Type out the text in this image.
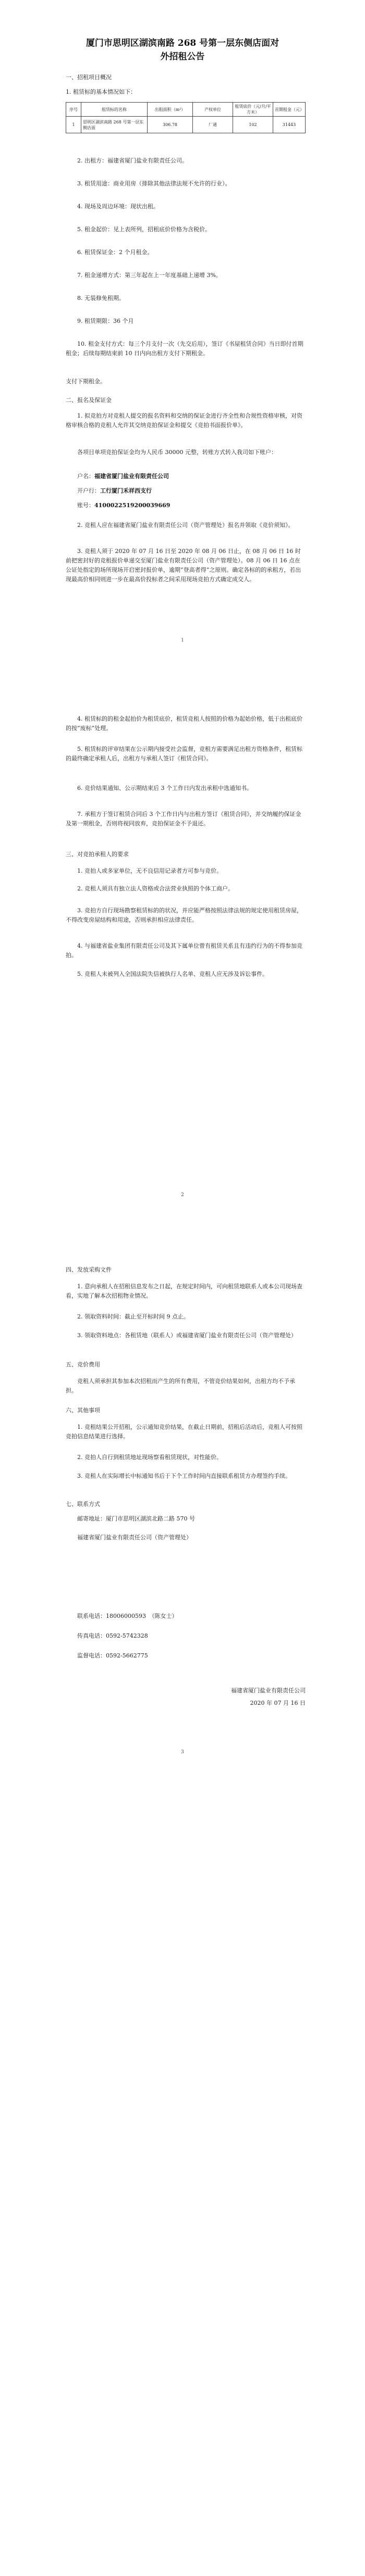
厦门市思明区湖滨南路 268 号第一层东侧店面对
外招租公告
一、招租项目概况
1. 租赁标的基本情况如下：
序号	租赁标的名称	出租面积（m²）	产权单位	租赁底价（元/月/平方米）	首期租金（元）
1	思明区湖滨南路 268 号第一层东侧店面	306.78	厂通	102	31443
2. 出租方：福建省厦门盐业有限责任公司。
3. 租赁用途：商业用房（排除其他法律法规不允许的行业）。
4. 现场及周边环境：现状出租。
5. 租金起价：见上表所列，招租底价价格为含税价。
6. 租赁保证金：2 个月租金。
7. 租金递增方式：第三年起在上一年度基础上递增 3%。
8. 无装修免租期。
9. 租赁期限：36 个月
10. 租金支付方式：每三个月支付一次（先交后用），签订《书屋租赁合同》当日即付首期租金；后续每期结束前 10 日内向出租方支付下期租金。
支付下期租金。
二、报名及保证金
1. 拟竞拍方对竞租人提交的报名资料和交纳的保证金进行齐全性和合规性资格审核，对资格审核合格的竞租人允许其交纳竞拍保证金和提交《竞拍书面报价单》。
各项目单项竞拍保证金均为人民币 30000 元整，转账方式转入我司如下账户：
户名：福建省厦门盐业有限责任公司
开户行：工行厦门禾祥西支行
账号：4100022519200039669
2. 竞租人应在福建省厦门盐业有限责任公司（资产管理处）报名并领取《竞价须知》。
3. 竞租人须于 2020 年 07 月 16 日至 2020 年 08 月 06 日止，在 08 月 06 日 16 时前把密封好的竞租报价单递交至厦门盐业有限责任公司（资产管理处）。08 月 06 日 16 点在公证处指定的场所现场开启密封报价单，逾期“登高者得”之原则。确定各标的的承租方，若出现最高价相同则进一步在最高价投标者之间采用现场竞拍方式确定成交人。
1
4. 租赁标的的租金起拍价为租赁底价，租赁竞租人按照的价格为起始价格，低于出租底价的按“废标”处理。
5. 租赁标的评审结果在公示期内接受社会监督，竞租方需要满足出租方资格条件，租赁标的最终确定承租人后，出租方与承租人签订《租赁合同》。
6. 竞价结果通知、公示期结束后 3 个工作日内发出承租中选通知书。
7. 承租方于签订租赁合同后 3 个工作日内与出租方签订《租赁合同》，并交纳履约保证金及第一期租金，否则将视同放弃，竞拍保证金不予退还。
三、对竞拍承租人的要求
1. 竞拍人或多家单位，无不良信用记录者方可参与竞价。
2. 竞租人须具有独立法人资格或合法营业执照的个体工商户。
3. 竞拍方自行现场勘察租赁标的的状况，并应能严格按照法律法规的规定使用租赁房屋，不得改变房屋结构和用途，否则承担相应法律责任。
4. 与福建省盐业集团有限责任公司及其下属单位曾有租赁关系且有违约行为的不得参加竞拍。
5. 竞租人未被列入全国法院失信被执行人名单、竞租人应无涉及诉讼事件。
2
四、发放采购文件
1. 意向承租人在招租信息发布之日起，在规定时间内，可向租赁地联系人或本公司现场查看，实地了解本次招租物业情况。
2. 领取资料时间：截止至开标时间 9 点止。
3. 领取资料地点：各租赁地（联系人）或福建省厦门盐业有限责任公司（资产管理处）
五、竞价费用
竞租人须承担其参加本次招租而产生的所有费用，不管竞价结果如何，出租方均不予承担。
六、其他事项
1. 竞租结果公开招租，公示通知竞价结果，在截止日期前，招租后活动后，竞租人可按照竞拍信息结果进行选择。
2. 竞拍人自行到租赁地址现场察看租赁现状，对性能价。
3. 竞租人在实际增长中标通知书后于下个工作时间内直接联系租赁方办理签约手续。
七、联系方式
邮寄地址：厦门市思明区湖滨北路二路 570 号
福建省厦门盐业有限责任公司（资产管理处）
联系电话：18006000593　（陈女士）
传真电话：0592-5742328
监督电话：0592-5662775
福建省厦门盐业有限责任公司
2020 年 07 月 16 日
3
